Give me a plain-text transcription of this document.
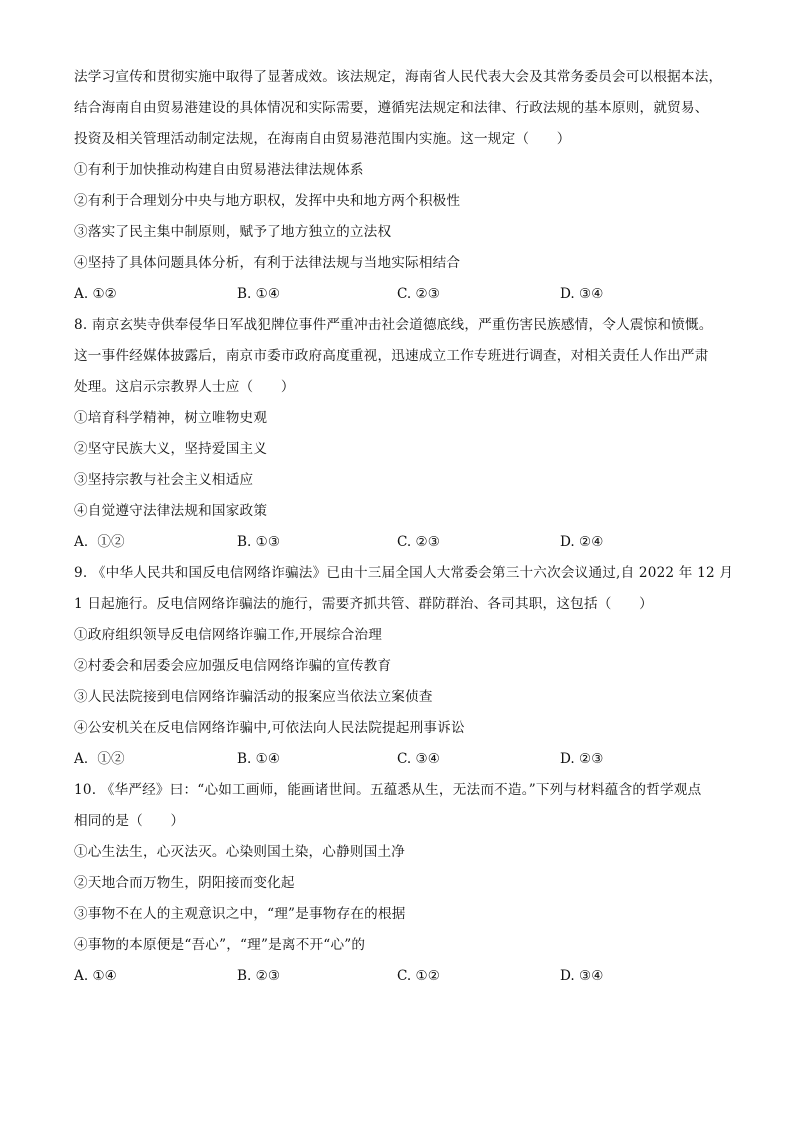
法学习宣传和贯彻实施中取得了显著成效。该法规定，海南省人民代表大会及其常务委员会可以根据本法，
结合海南自由贸易港建设的具体情况和实际需要，遵循宪法规定和法律、行政法规的基本原则，就贸易、
投资及相关管理活动制定法规，在海南自由贸易港范围内实施。这一规定（　　）
①有利于加快推动构建自由贸易港法律法规体系
②有利于合理划分中央与地方职权，发挥中央和地方两个积极性
③落实了民主集中制原则，赋予了地方独立的立法权
④坚持了具体问题具体分析，有利于法律法规与当地实际相结合
A. ①②	B. ①④	C. ②③	D. ③④
8. 南京玄奘寺供奉侵华日军战犯牌位事件严重冲击社会道德底线，严重伤害民族感情，令人震惊和愤慨。
这一事件经媒体披露后，南京市委市政府高度重视，迅速成立工作专班进行调查，对相关责任人作出严肃
处理。这启示宗教界人士应（　　）
①培育科学精神，树立唯物史观
②坚守民族大义，坚持爱国主义
③坚持宗教与社会主义相适应
④自觉遵守法律法规和国家政策
A．①②	B. ①③	C. ②③	D. ②④
9. 《中华人民共和国反电信网络诈骗法》已由十三届全国人大常委会第三十六次会议通过,自 2022 年 12 月
1 日起施行。反电信网络诈骗法的施行，需要齐抓共管、群防群治、各司其职，这包括（　　）
①政府组织领导反电信网络诈骗工作,开展综合治理
②村委会和居委会应加强反电信网络诈骗的宣传教育
③人民法院接到电信网络诈骗活动的报案应当依法立案侦查
④公安机关在反电信网络诈骗中,可依法向人民法院提起刑事诉讼
A．①②	B. ①④	C. ③④	D. ②③
10. 《华严经》曰：“心如工画师，能画诸世间。五蕴悉从生，无法而不造。”下列与材料蕴含的哲学观点
相同的是（　　）
①心生法生，心灭法灭。心染则国土染，心静则国土净
②天地合而万物生，阴阳接而变化起
③事物不在人的主观意识之中，“理”是事物存在的根据
④事物的本原便是“吾心”，“理”是离不开“心”的
A. ①④	B. ②③	C. ①②	D. ③④
